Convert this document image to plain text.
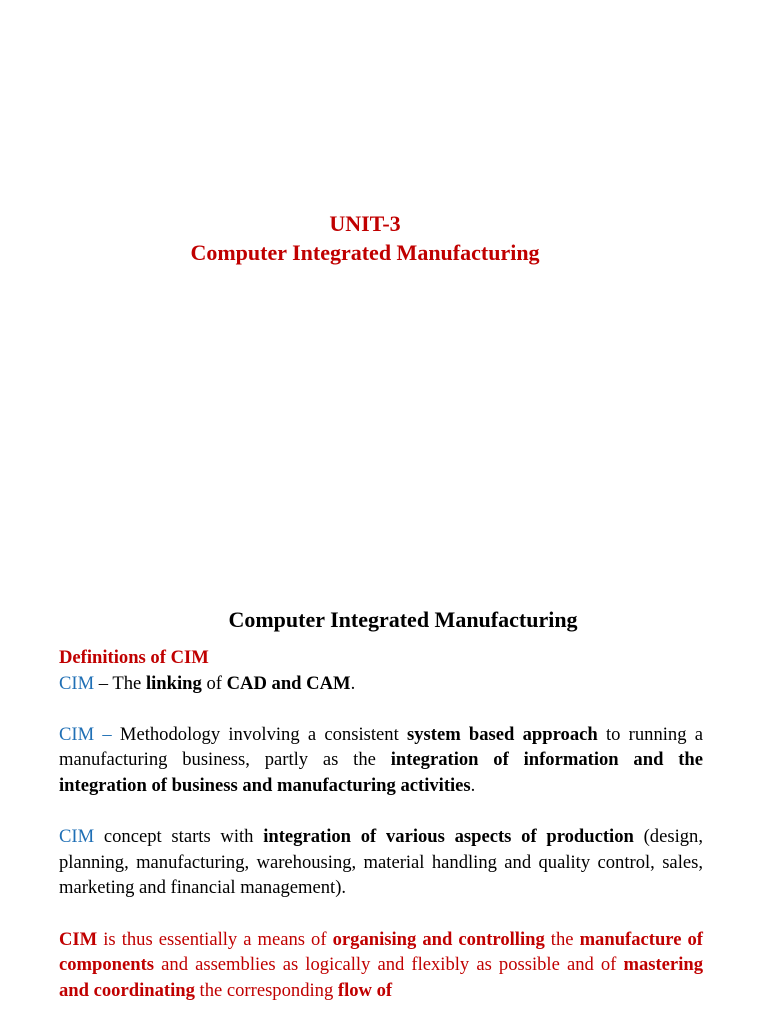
UNIT-3
Computer Integrated Manufacturing
Computer Integrated Manufacturing

Definitions of CIM

CIM – The linking of CAD and CAM.

CIM – Methodology involving a consistent system based approach to running a manufacturing business, partly as the integration of information and the integration of business and manufacturing activities.

CIM concept starts with integration of various aspects of production (design, planning, manufacturing, warehousing, material handling and quality control, sales, marketing and financial management).

CIM is thus essentially a means of organising and controlling the manufacture of components and assemblies as logically and flexibly as possible and of mastering and coordinating the corresponding flow of
